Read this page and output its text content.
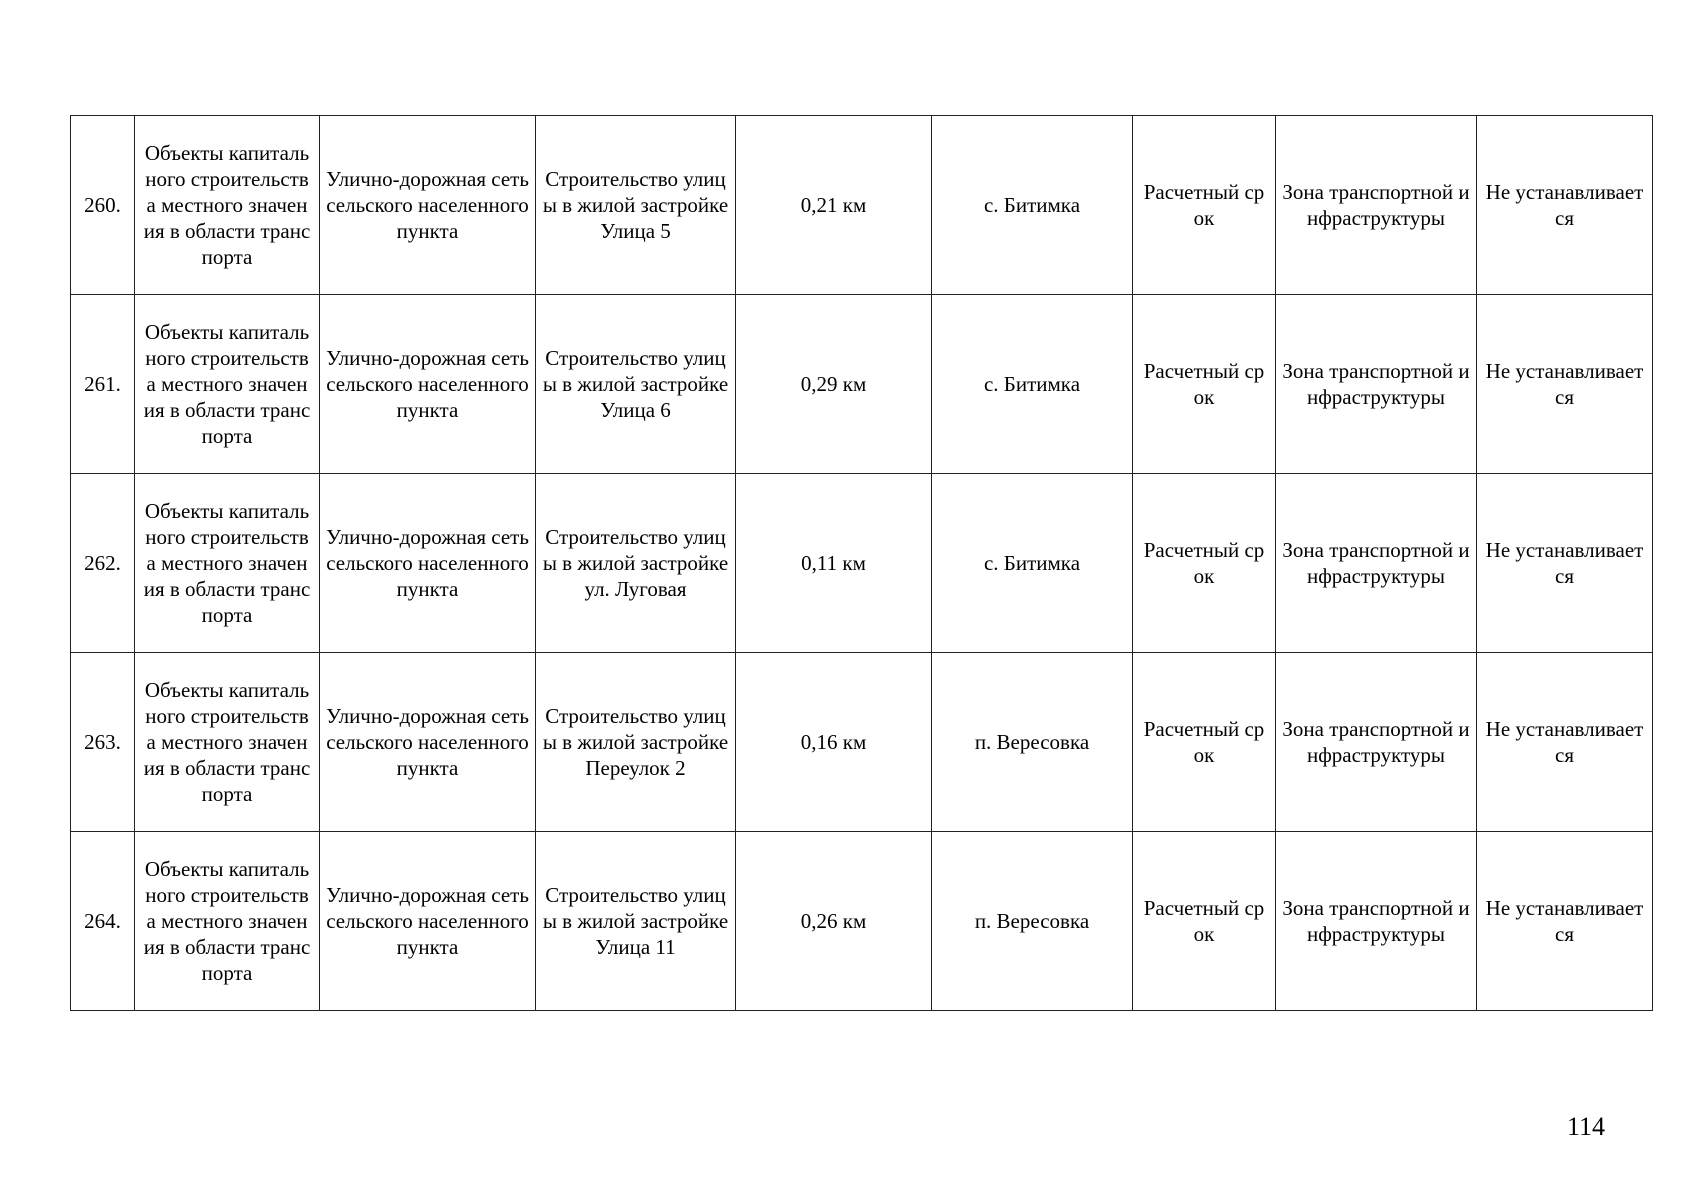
260.	Объекты капитального строительства местного значения в области транспорта	Улично-дорожная сеть сельского населенного пункта	Строительство улицы в жилой застройке Улица 5	0,21 км	с. Битимка	Расчетный срок	Зона транспортной инфраструктуры	Не устанавливается
261.	Объекты капитального строительства местного значения в области транспорта	Улично-дорожная сеть сельского населенного пункта	Строительство улицы в жилой застройке Улица 6	0,29 км	с. Битимка	Расчетный срок	Зона транспортной инфраструктуры	Не устанавливается
262.	Объекты капитального строительства местного значения в области транспорта	Улично-дорожная сеть сельского населенного пункта	Строительство улицы в жилой застройке ул. Луговая	0,11 км	с. Битимка	Расчетный срок	Зона транспортной инфраструктуры	Не устанавливается
263.	Объекты капитального строительства местного значения в области транспорта	Улично-дорожная сеть сельского населенного пункта	Строительство улицы в жилой застройке Переулок 2	0,16 км	п. Вересовка	Расчетный срок	Зона транспортной инфраструктуры	Не устанавливается
264.	Объекты капитального строительства местного значения в области транспорта	Улично-дорожная сеть сельского населенного пункта	Строительство улицы в жилой застройке Улица 11	0,26 км	п. Вересовка	Расчетный срок	Зона транспортной инфраструктуры	Не устанавливается
114
